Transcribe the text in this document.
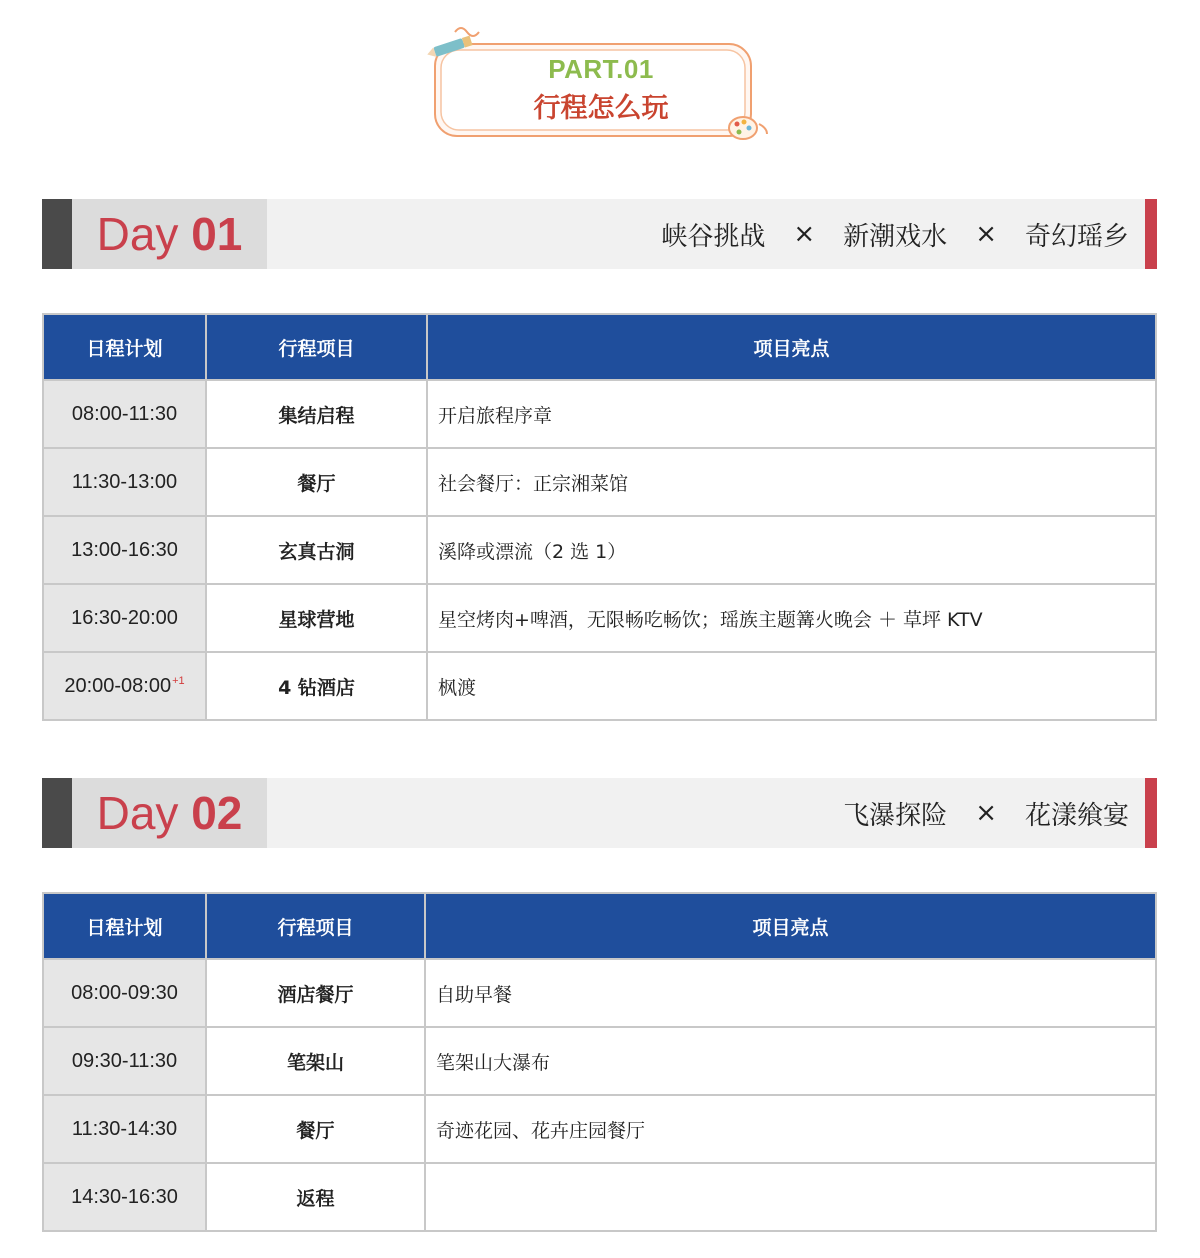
PART.01
行程怎么玩
Day 01	峡谷挑战 × 新潮戏水 × 奇幻瑶乡
日程计划	行程项目	项目亮点
08:00-11:30	集结启程	开启旅程序章
11:30-13:00	餐厅	社会餐厅：正宗湘菜馆
13:00-16:30	玄真古洞	溪降或漂流（2 选 1）
16:30-20:00	星球营地	星空烤肉+啤酒，无限畅吃畅饮；瑶族主题篝火晚会 ＋ 草坪 KTV
$20:00-08:00^{+1}$	4 钻酒店	枫渡
Day 02	飞瀑探险 × 花漾飨宴
日程计划	行程项目	项目亮点
08:00-09:30	酒店餐厅	自助早餐
09:30-11:30	笔架山	笔架山大瀑布
11:30-14:30	餐厅	奇迹花园、花卉庄园餐厅
14:30-16:30	返程	
